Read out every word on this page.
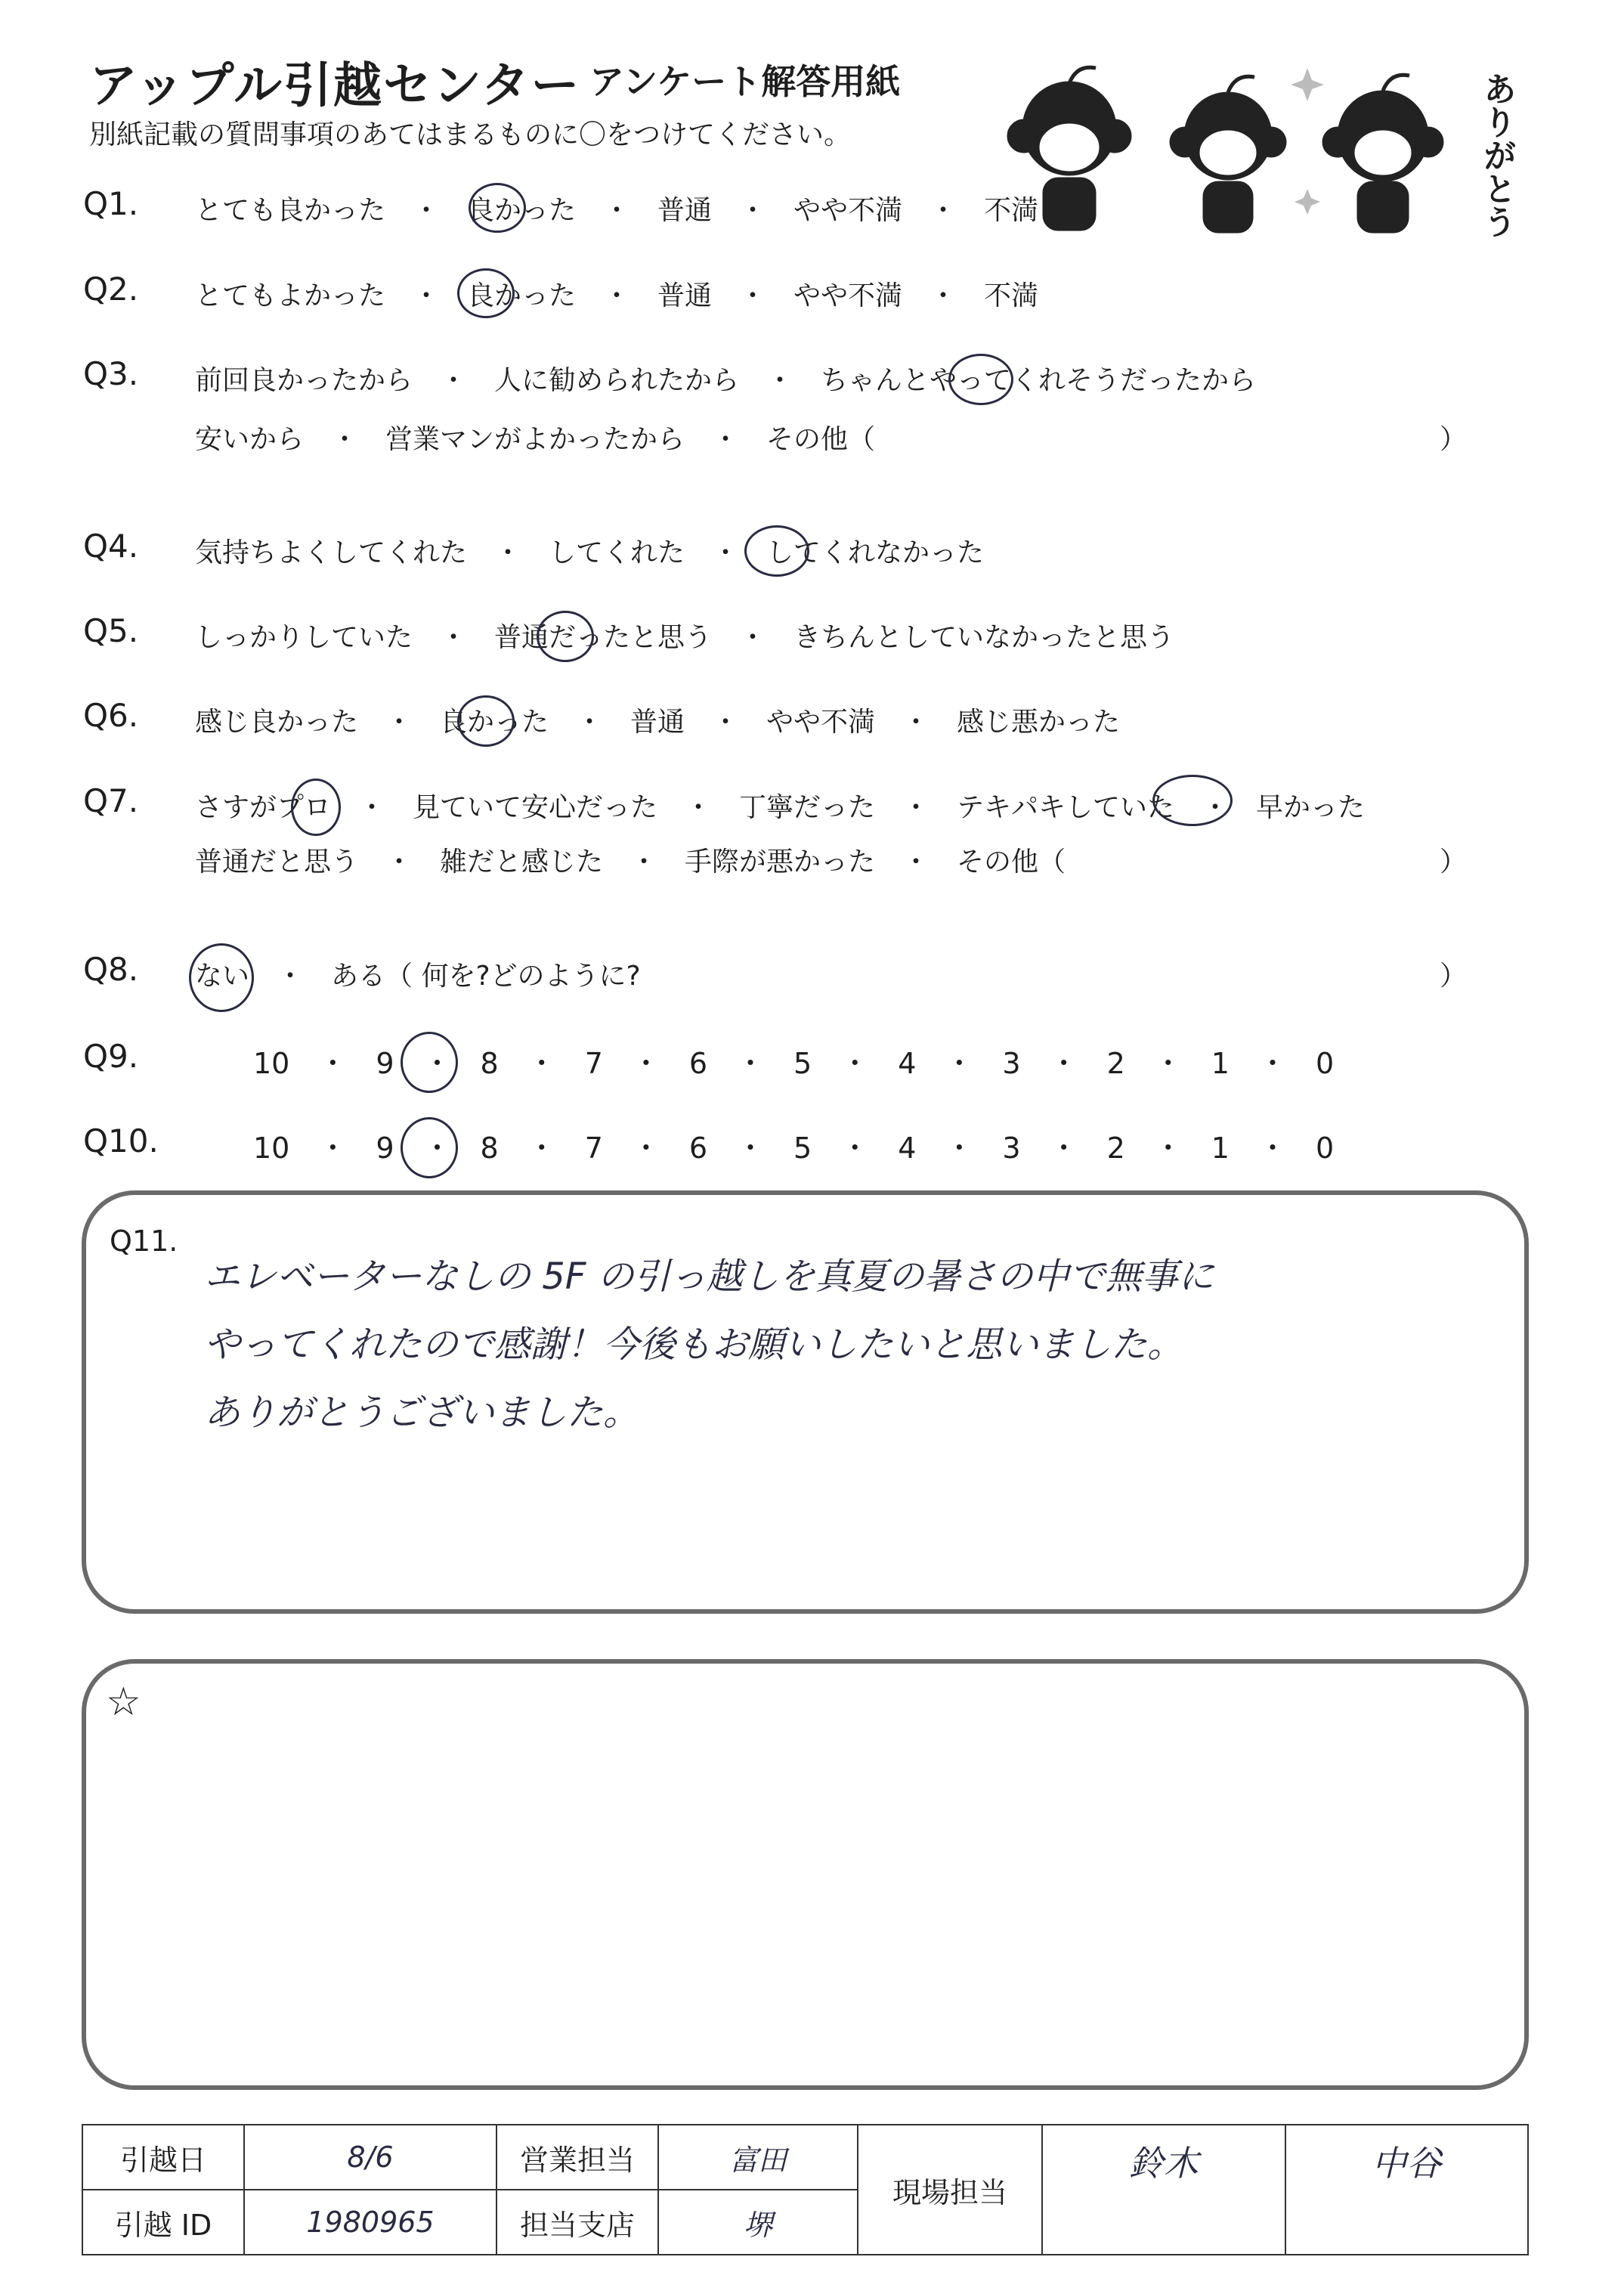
アップル引越センター アンケート解答用紙
別紙記載の質問事項のあてはまるものに〇をつけてください。	ありがとう
Q1. とても良かった　・　良かった　・　普通　・　やや不満　・　不満
Q2. とてもよかった　・　良かった　・　普通　・　やや不満　・　不満
Q3. 前回良かったから　・　人に勧められたから　・　ちゃんとやってくれそうだったから
安いから　・　営業マンがよかったから　・　その他（	）
Q4. 気持ちよくしてくれた　・　してくれた　・　してくれなかった
Q5. しっかりしていた　・　普通だったと思う　・　きちんとしていなかったと思う
Q6. 感じ良かった　・　良かった　・　普通　・　やや不満　・　感じ悪かった
Q7. さすがプロ　・　見ていて安心だった　・　丁寧だった　・　テキパキしていた　・　早かった
普通だと思う　・　雑だと感じた　・　手際が悪かった　・　その他（	）
Q8. ない　・　ある（ 何を?どのように?	）
Q9.	10　・　9　・　8　・　7　・　6　・　5　・　4　・　3　・　2　・　1　・　0
Q10.	10　・　9　・　8　・　7　・　6　・　5　・　4　・　3　・　2　・　1　・　0
Q11.
エレベーターなしの 5F の引っ越しを真夏の暑さの中で無事に
やってくれたので感謝！今後もお願いしたいと思いました。
ありがとうございました。
☆
引越日	8/6	営業担当	富田	現場担当	鈴木	中谷
引越 ID	1980965	担当支店	堺			
